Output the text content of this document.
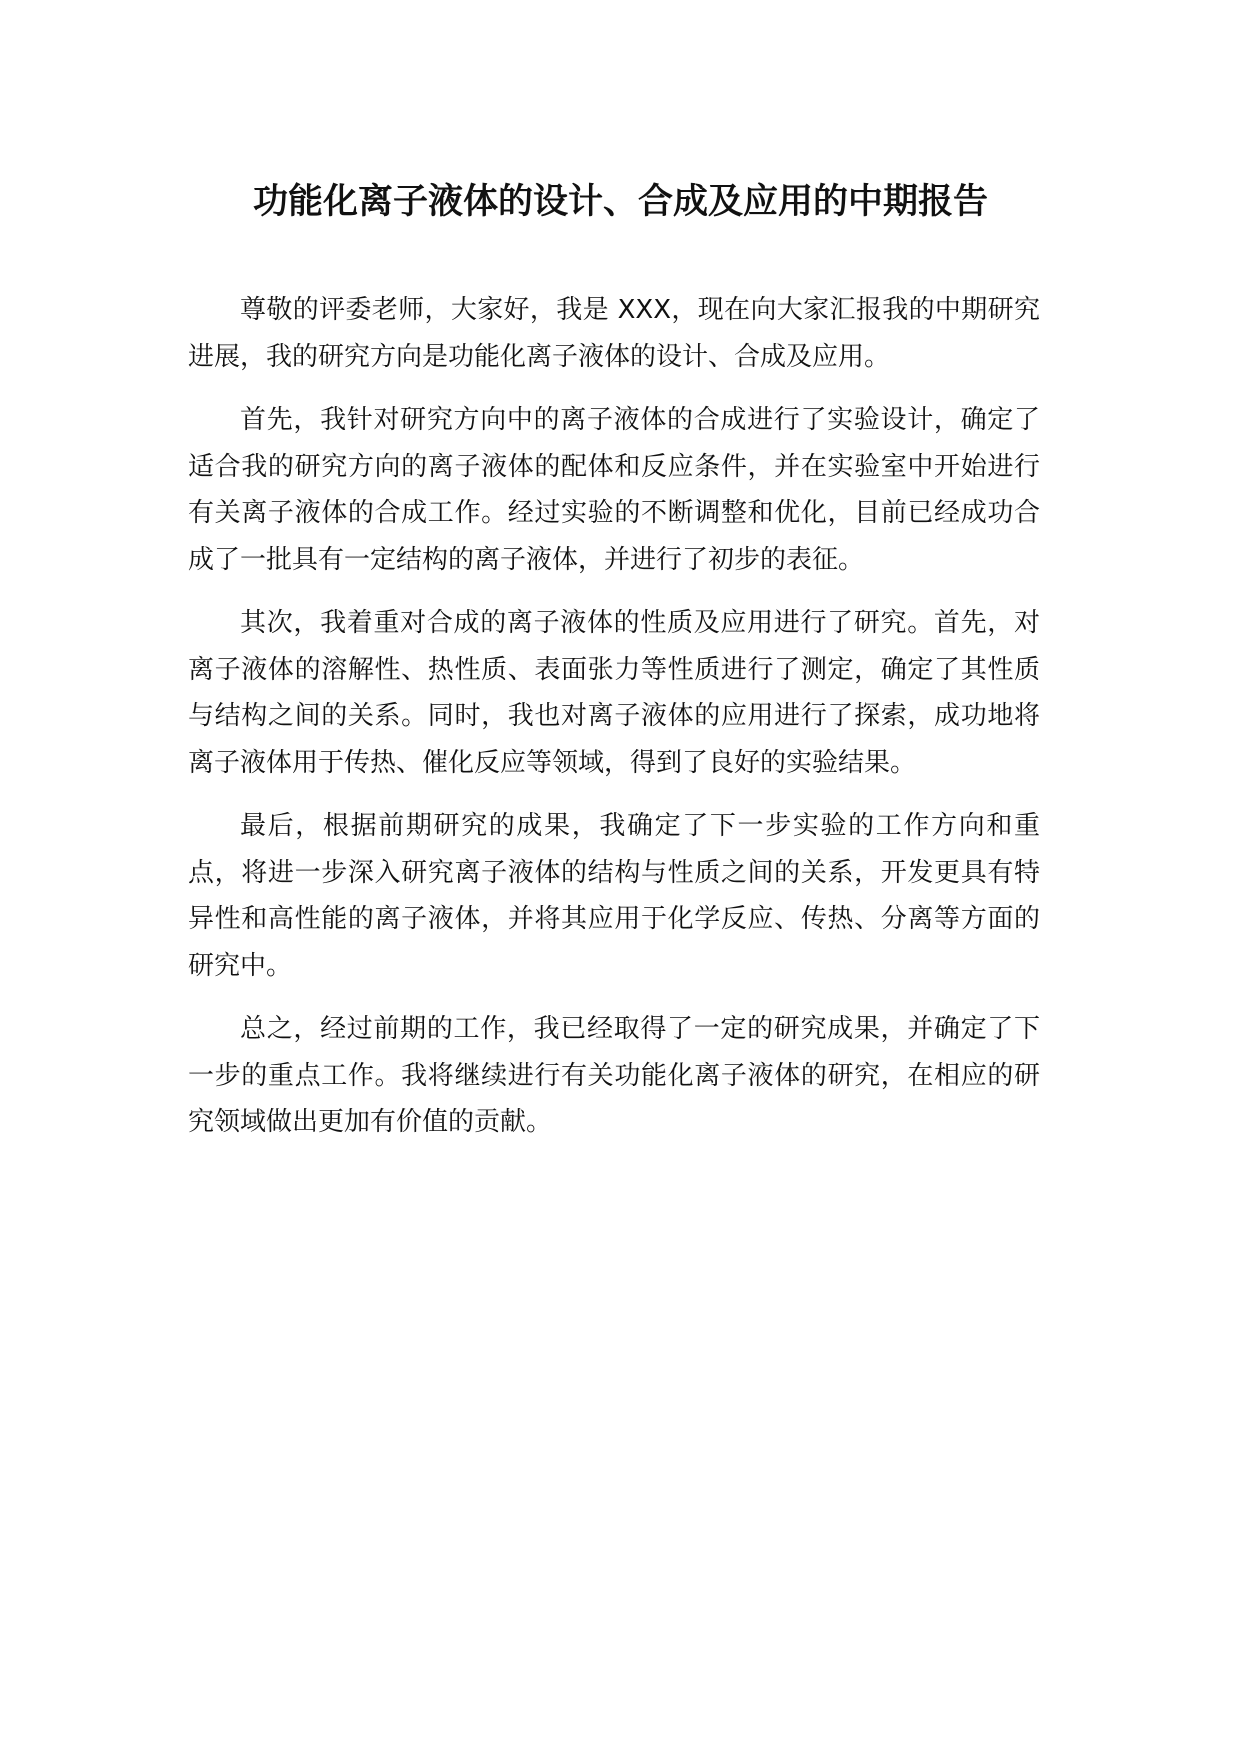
功能化离子液体的设计、合成及应用的中期报告

尊敬的评委老师，大家好，我是 XXX，现在向大家汇报我的中期研究进展，我的研究方向是功能化离子液体的设计、合成及应用。

首先，我针对研究方向中的离子液体的合成进行了实验设计，确定了适合我的研究方向的离子液体的配体和反应条件，并在实验室中开始进行有关离子液体的合成工作。经过实验的不断调整和优化，目前已经成功合成了一批具有一定结构的离子液体，并进行了初步的表征。

其次，我着重对合成的离子液体的性质及应用进行了研究。首先，对离子液体的溶解性、热性质、表面张力等性质进行了测定，确定了其性质与结构之间的关系。同时，我也对离子液体的应用进行了探索，成功地将离子液体用于传热、催化反应等领域，得到了良好的实验结果。

最后，根据前期研究的成果，我确定了下一步实验的工作方向和重点，将进一步深入研究离子液体的结构与性质之间的关系，开发更具有特异性和高性能的离子液体，并将其应用于化学反应、传热、分离等方面的研究中。

总之，经过前期的工作，我已经取得了一定的研究成果，并确定了下一步的重点工作。我将继续进行有关功能化离子液体的研究，在相应的研究领域做出更加有价值的贡献。
